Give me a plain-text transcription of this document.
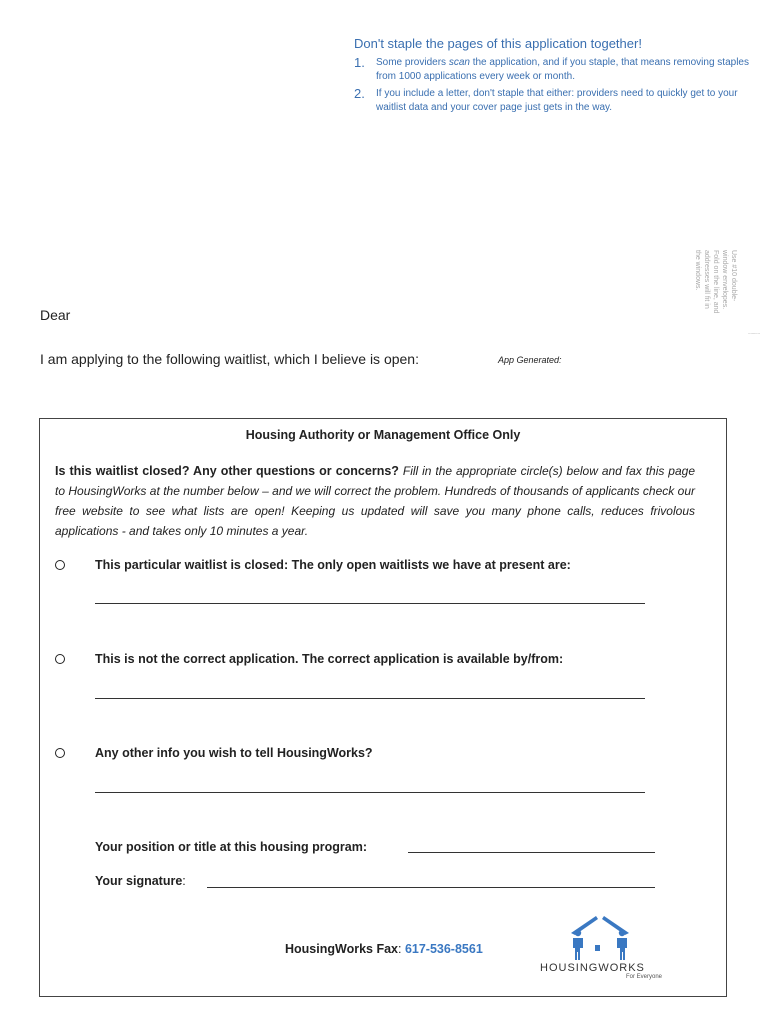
Don't staple the pages of this application together!
1.	Some providers scan the application, and if you staple, that means removing staples from 1000 applications every week or month.
2.	If you include a letter, don't staple that either: providers need to quickly get to your waitlist data and your cover page just gets in the way.
Use #10 double-window envelopes. Fold on the line, and addresses will fit in the windows.
..........
Dear
I am applying to the following waitlist, which I believe is open:	App Generated:
Housing Authority or Management Office Only
Is this waitlist closed? Any other questions or concerns? Fill in the appropriate circle(s) below and fax this page to HousingWorks at the number below – and we will correct the problem. Hundreds of thousands of applicants check our free website to see what lists are open! Keeping us updated will save you many phone calls, reduces frivolous applications - and takes only 10 minutes a year.
This particular waitlist is closed: The only open waitlists we have at present are:
This is not the correct application. The correct application is available by/from:
Any other info you wish to tell HousingWorks?
Your position or title at this housing program:
Your signature:
HousingWorks Fax: 617-536-8561
HOUSINGWORKS
For Everyone
